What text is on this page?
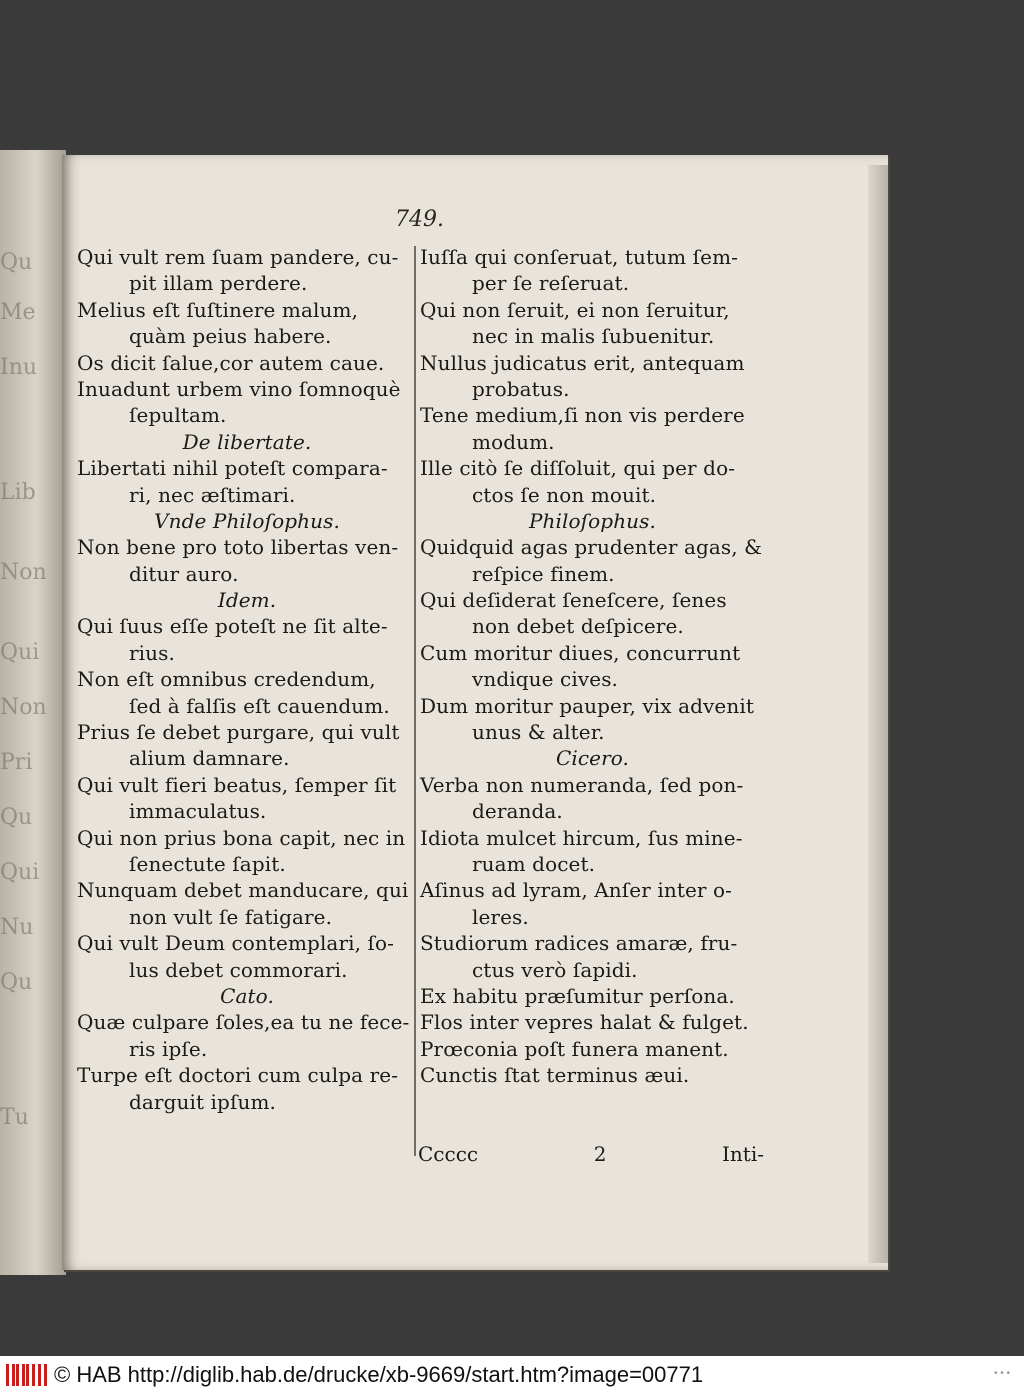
Qu
Me
Inu
Lib
Non
Qui
Non
Pri
Qu
Qui
Nu
Qu
Tu
749.
Qui vult rem ſuam pandere, cu-
pit illam perdere.
Melius eſt ſuſtinere malum,
quàm peius habere.
Os dicit ſalue,cor autem caue.
Inuadunt urbem vino ſomnoquè
ſepultam.
De libertate.
Libertati nihil poteſt compara-
ri, nec æſtimari.
Vnde Philoſophus.
Non bene pro toto libertas ven-
ditur auro.
Idem.
Qui ſuus eſſe poteſt ne ſit alte-
rius.
Non eſt omnibus credendum,
ſed à falſis eſt cauendum.
Prius ſe debet purgare, qui vult
alium damnare.
Qui vult fieri beatus, ſemper ſit
immaculatus.
Qui non prius bona capit, nec in
ſenectute ſapit.
Nunquam debet manducare, qui
non vult ſe fatigare.
Qui vult Deum contemplari, ſo-
lus debet commorari.
Cato.
Quæ culpare ſoles,ea tu ne fece-
ris ipſe.
Turpe eſt doctori cum culpa re-
darguit ipſum.
Iuſſa qui conſeruat, tutum ſem-
per ſe reſeruat.
Qui non ſeruit, ei non ſeruitur,
nec in malis ſubuenitur.
Nullus judicatus erit, antequam
probatus.
Tene medium,ſi non vis perdere
modum.
Ille citò ſe diſſoluit, qui per do-
ctos ſe non mouit.
Philoſophus.
Quidquid agas prudenter agas, &
reſpice finem.
Qui deſiderat ſeneſcere, ſenes
non debet deſpicere.
Cum moritur diues, concurrunt
vndique cives.
Dum moritur pauper, vix advenit
unus & alter.
Cicero.
Verba non numeranda, ſed pon-
deranda.
Idiota mulcet hircum, ſus mine-
ruam docet.
Aſinus ad lyram, Anſer inter o-
leres.
Studiorum radices amaræ, fru-
ctus verò ſapidi.
Ex habitu præſumitur perſona.
Flos inter vepres halat & fulget.
Prœconia poſt funera manent.
Cunctis ſtat terminus æui.
Ccccc	2	Inti-
© HAB http://diglib.hab.de/drucke/xb-9669/start.htm?image=00771	• • •
